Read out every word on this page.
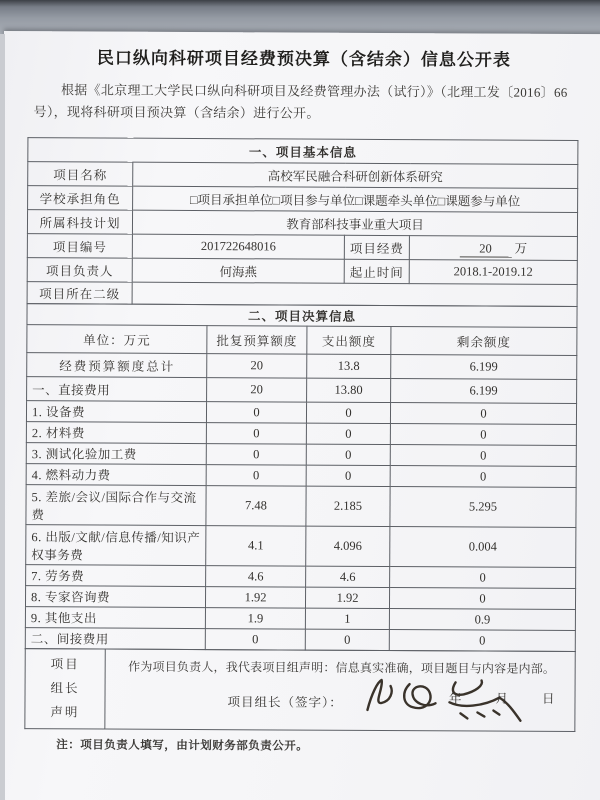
民口纵向科研项目经费预决算（含结余）信息公开表

根据《北京理工大学民口纵向科研项目及经费管理办法（试行）》（北理工发〔2016〕66 号），现将科研项目预决算（含结余）进行公开。

一、项目基本信息			
项目名称	高校军民融合科研创新体系研究		
学校承担角色	□项目承担单位□项目参与单位□课题牵头单位□课题参与单位		
所属科技计划	教育部科技事业重大项目		
项目编号	201722648016	项目经费	20 万
项目负责人	何海燕	起止时间	2018.1-2019.12
项目所在二级			
二、项目决算信息			
单位：万元	批复预算额度	支出额度	剩余额度
经费预算额度总计	20	13.8	6.199
一、直接费用	20	13.80	6.199
1. 设备费	0	0	0
2. 材料费	0	0	0
3. 测试化验加工费	0	0	0
4. 燃料动力费	0	0	0
5. 差旅/会议/国际合作与交流费	7.48	2.185	5.295
6. 出版/文献/信息传播/知识产权事务费	4.1	4.096	0.004
7. 劳务费	4.6	4.6	0
8. 专家咨询费	1.92	1.92	0
9. 其他支出	1.9	1	0.9
二、间接费用	0	0	0
项目
组长
声明

作为项目负责人，我代表项目组声明：信息真实准确，项目题目与内容是内部。
项目组长（签字）：	年	月	日

注：项目负责人填写，由计划财务部负责公开。
